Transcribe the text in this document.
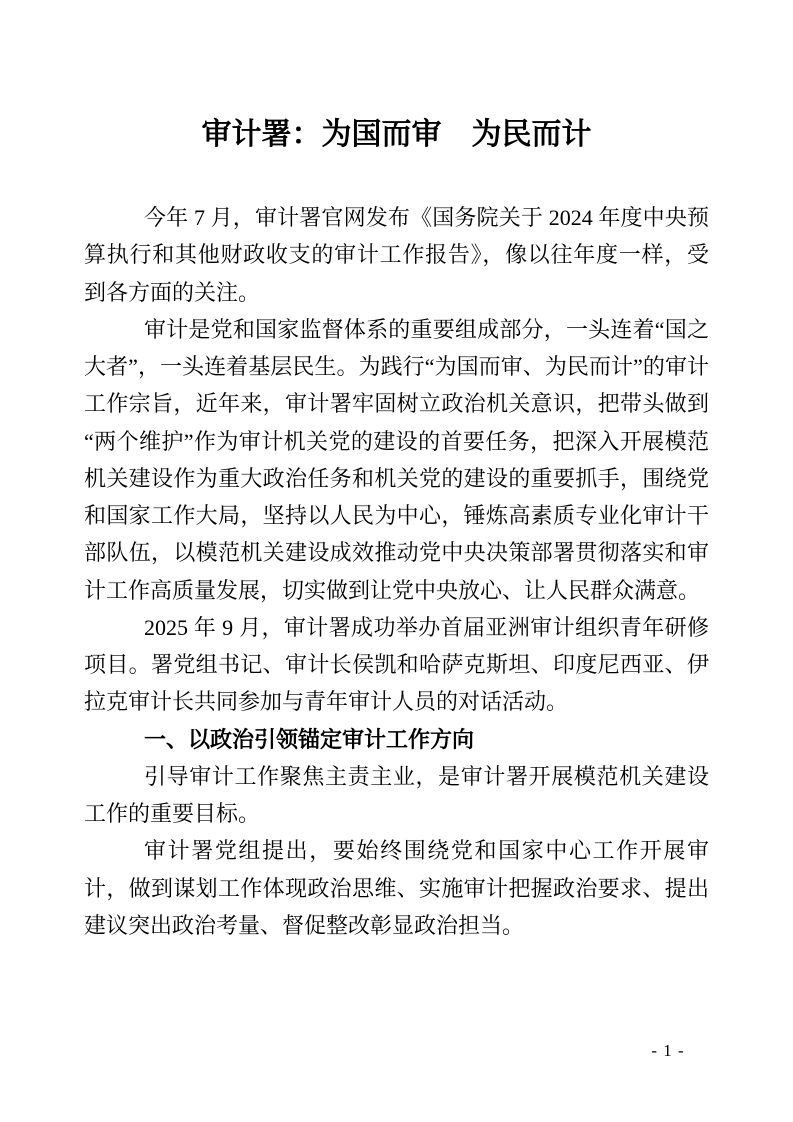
审计署：为国而审　为民而计

今年 7 月，审计署官网发布《国务院关于 2024 年度中央预算执行和其他财政收支的审计工作报告》，像以往年度一样，受到各方面的关注。

审计是党和国家监督体系的重要组成部分，一头连着“国之大者”，一头连着基层民生。为践行“为国而审、为民而计”的审计工作宗旨，近年来，审计署牢固树立政治机关意识，把带头做到“两个维护”作为审计机关党的建设的首要任务，把深入开展模范机关建设作为重大政治任务和机关党的建设的重要抓手，围绕党和国家工作大局，坚持以人民为中心，锤炼高素质专业化审计干部队伍，以模范机关建设成效推动党中央决策部署贯彻落实和审计工作高质量发展，切实做到让党中央放心、让人民群众满意。

2025 年 9 月，审计署成功举办首届亚洲审计组织青年研修项目。署党组书记、审计长侯凯和哈萨克斯坦、印度尼西亚、伊拉克审计长共同参加与青年审计人员的对话活动。

一、以政治引领锚定审计工作方向

引导审计工作聚焦主责主业，是审计署开展模范机关建设工作的重要目标。

审计署党组提出，要始终围绕党和国家中心工作开展审计，做到谋划工作体现政治思维、实施审计把握政治要求、提出建议突出政治考量、督促整改彰显政治担当。

- 1 -
